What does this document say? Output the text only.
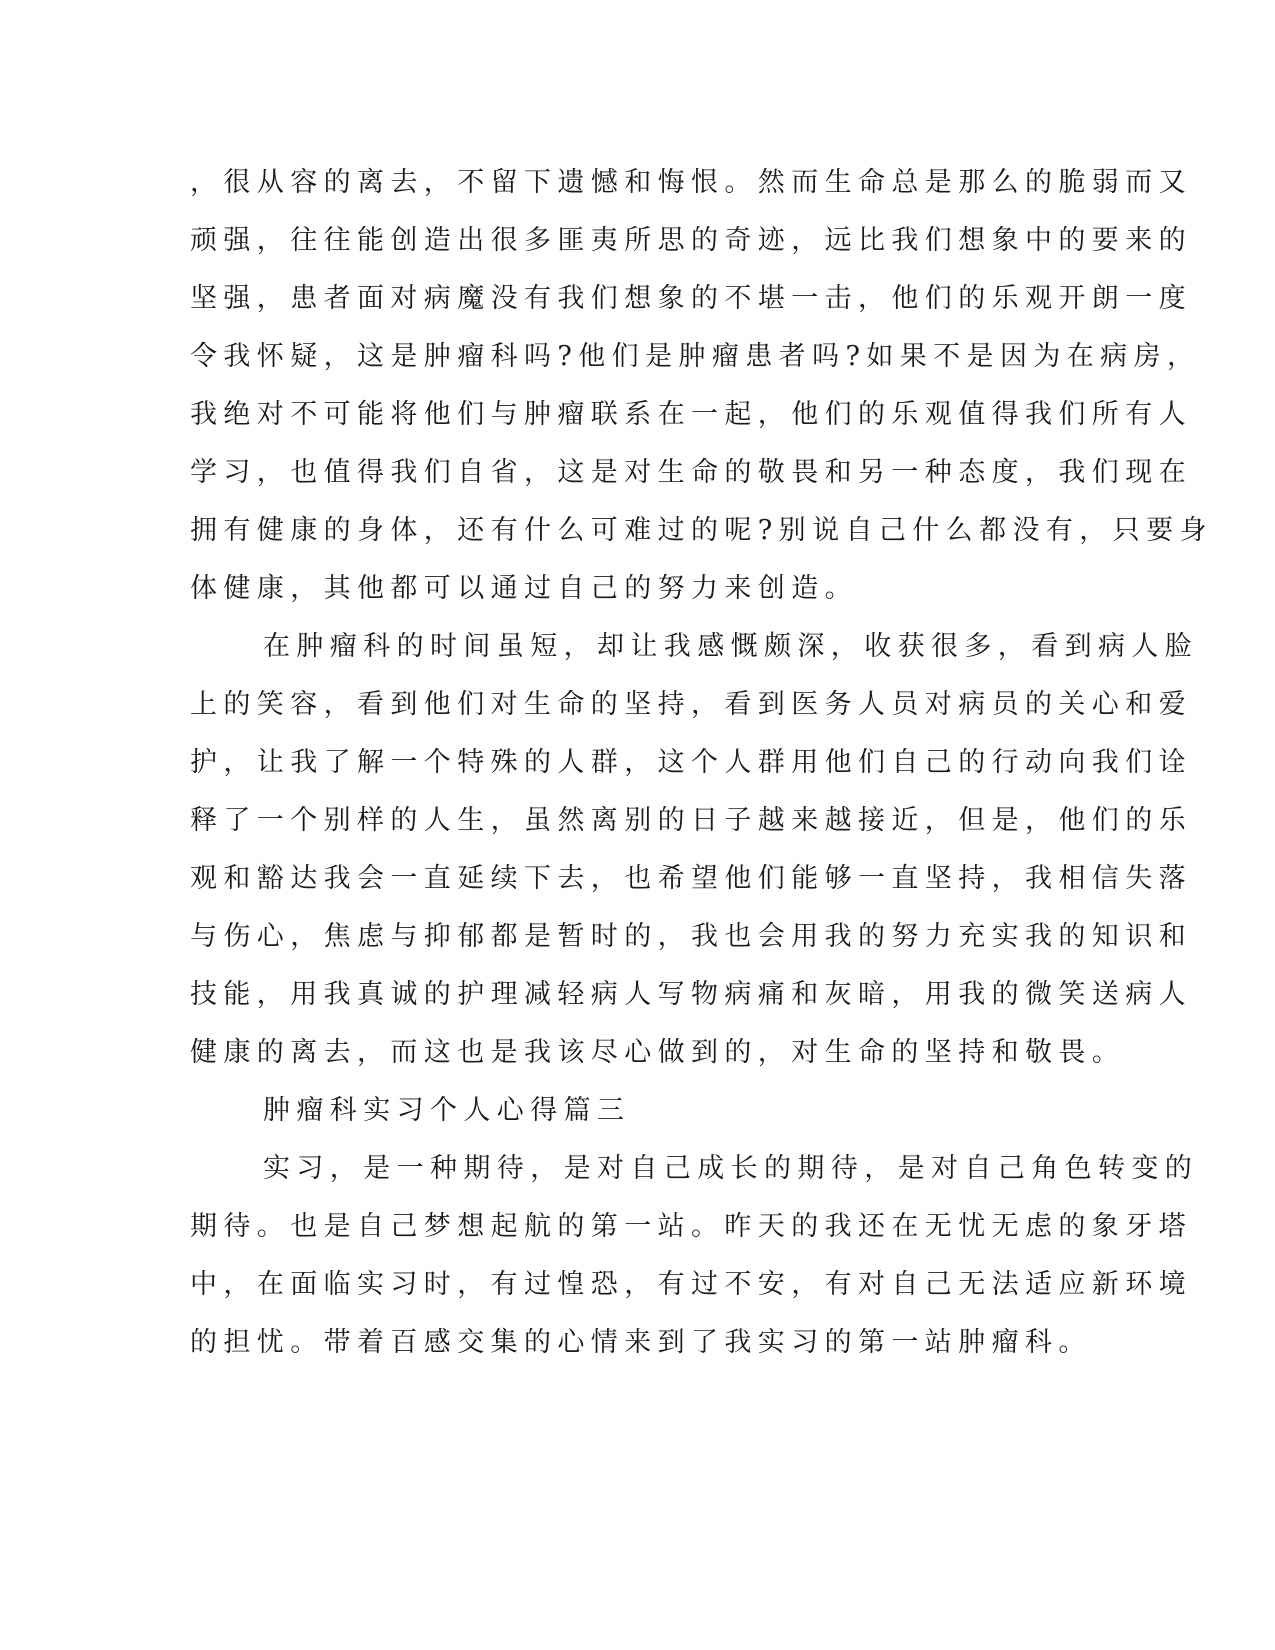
，很从容的离去，不留下遗憾和悔恨。然而生命总是那么的脆弱而又

顽强，往往能创造出很多匪夷所思的奇迹，远比我们想象中的要来的

坚强，患者面对病魔没有我们想象的不堪一击，他们的乐观开朗一度

令我怀疑，这是肿瘤科吗?他们是肿瘤患者吗?如果不是因为在病房，

我绝对不可能将他们与肿瘤联系在一起，他们的乐观值得我们所有人

学习，也值得我们自省，这是对生命的敬畏和另一种态度，我们现在

拥有健康的身体，还有什么可难过的呢?别说自己什么都没有，只要身

体健康，其他都可以通过自己的努力来创造。

在肿瘤科的时间虽短，却让我感慨颇深，收获很多，看到病人脸

上的笑容，看到他们对生命的坚持，看到医务人员对病员的关心和爱

护，让我了解一个特殊的人群，这个人群用他们自己的行动向我们诠

释了一个别样的人生，虽然离别的日子越来越接近，但是，他们的乐

观和豁达我会一直延续下去，也希望他们能够一直坚持，我相信失落

与伤心，焦虑与抑郁都是暂时的，我也会用我的努力充实我的知识和

技能，用我真诚的护理减轻病人写物病痛和灰暗，用我的微笑送病人

健康的离去，而这也是我该尽心做到的，对生命的坚持和敬畏。

肿瘤科实习个人心得篇三

实习，是一种期待，是对自己成长的期待，是对自己角色转变的

期待。也是自己梦想起航的第一站。昨天的我还在无忧无虑的象牙塔

中，在面临实习时，有过惶恐，有过不安，有对自己无法适应新环境

的担忧。带着百感交集的心情来到了我实习的第一站肿瘤科。
